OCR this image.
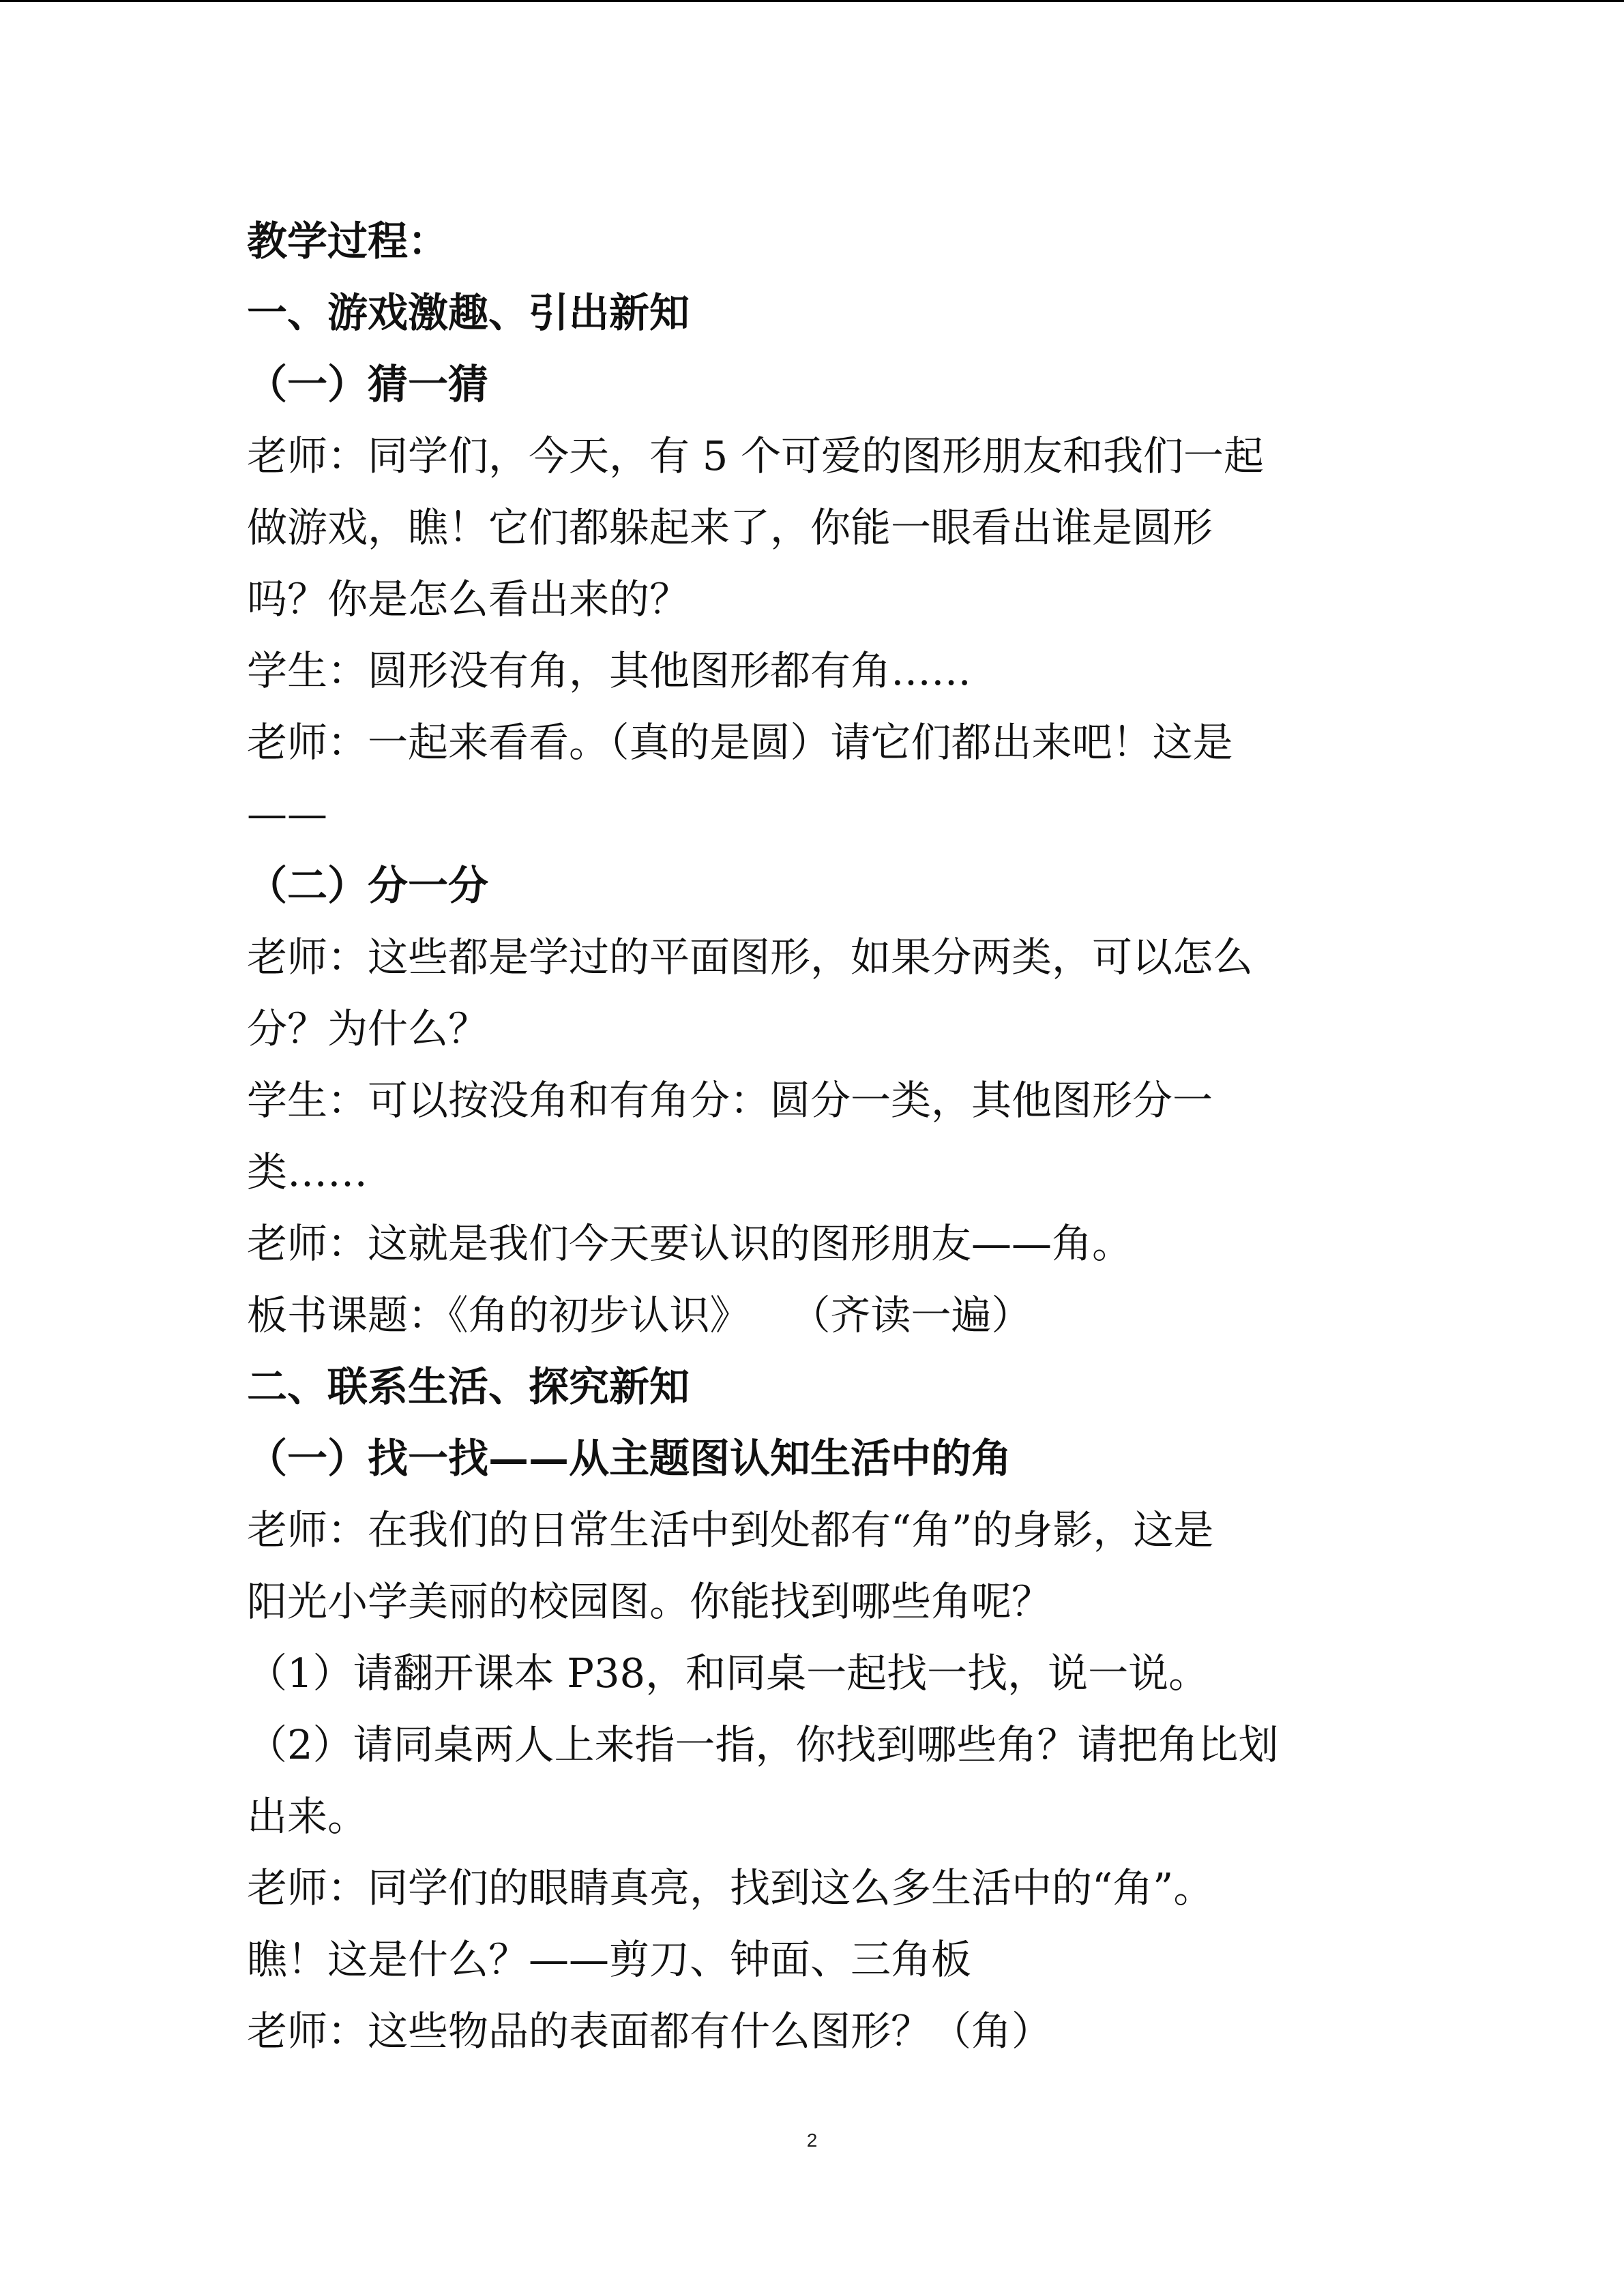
教学过程：
一、游戏激趣、引出新知
（一）猜一猜
老师：同学们，今天，有 5 个可爱的图形朋友和我们一起
做游戏，瞧！它们都躲起来了，你能一眼看出谁是圆形
吗？你是怎么看出来的？
学生：圆形没有角，其他图形都有角……
老师：一起来看看。（真的是圆）请它们都出来吧！这是
——
（二）分一分
老师：这些都是学过的平面图形，如果分两类，可以怎么
分？为什么？
学生：可以按没角和有角分：圆分一类，其他图形分一
类……
老师：这就是我们今天要认识的图形朋友——角。
板书课题：《角的初步认识》　　（齐读一遍）
二、联系生活、探究新知
（一）找一找——从主题图认知生活中的角
老师：在我们的日常生活中到处都有“角”的身影，这是
阳光小学美丽的校园图。你能找到哪些角呢？
（1）请翻开课本 P38，和同桌一起找一找，说一说。
（2）请同桌两人上来指一指，你找到哪些角？请把角比划
出来。
老师：同学们的眼睛真亮，找到这么多生活中的“角”。
瞧！这是什么？——剪刀、钟面、三角板
老师：这些物品的表面都有什么图形？（角）
2
